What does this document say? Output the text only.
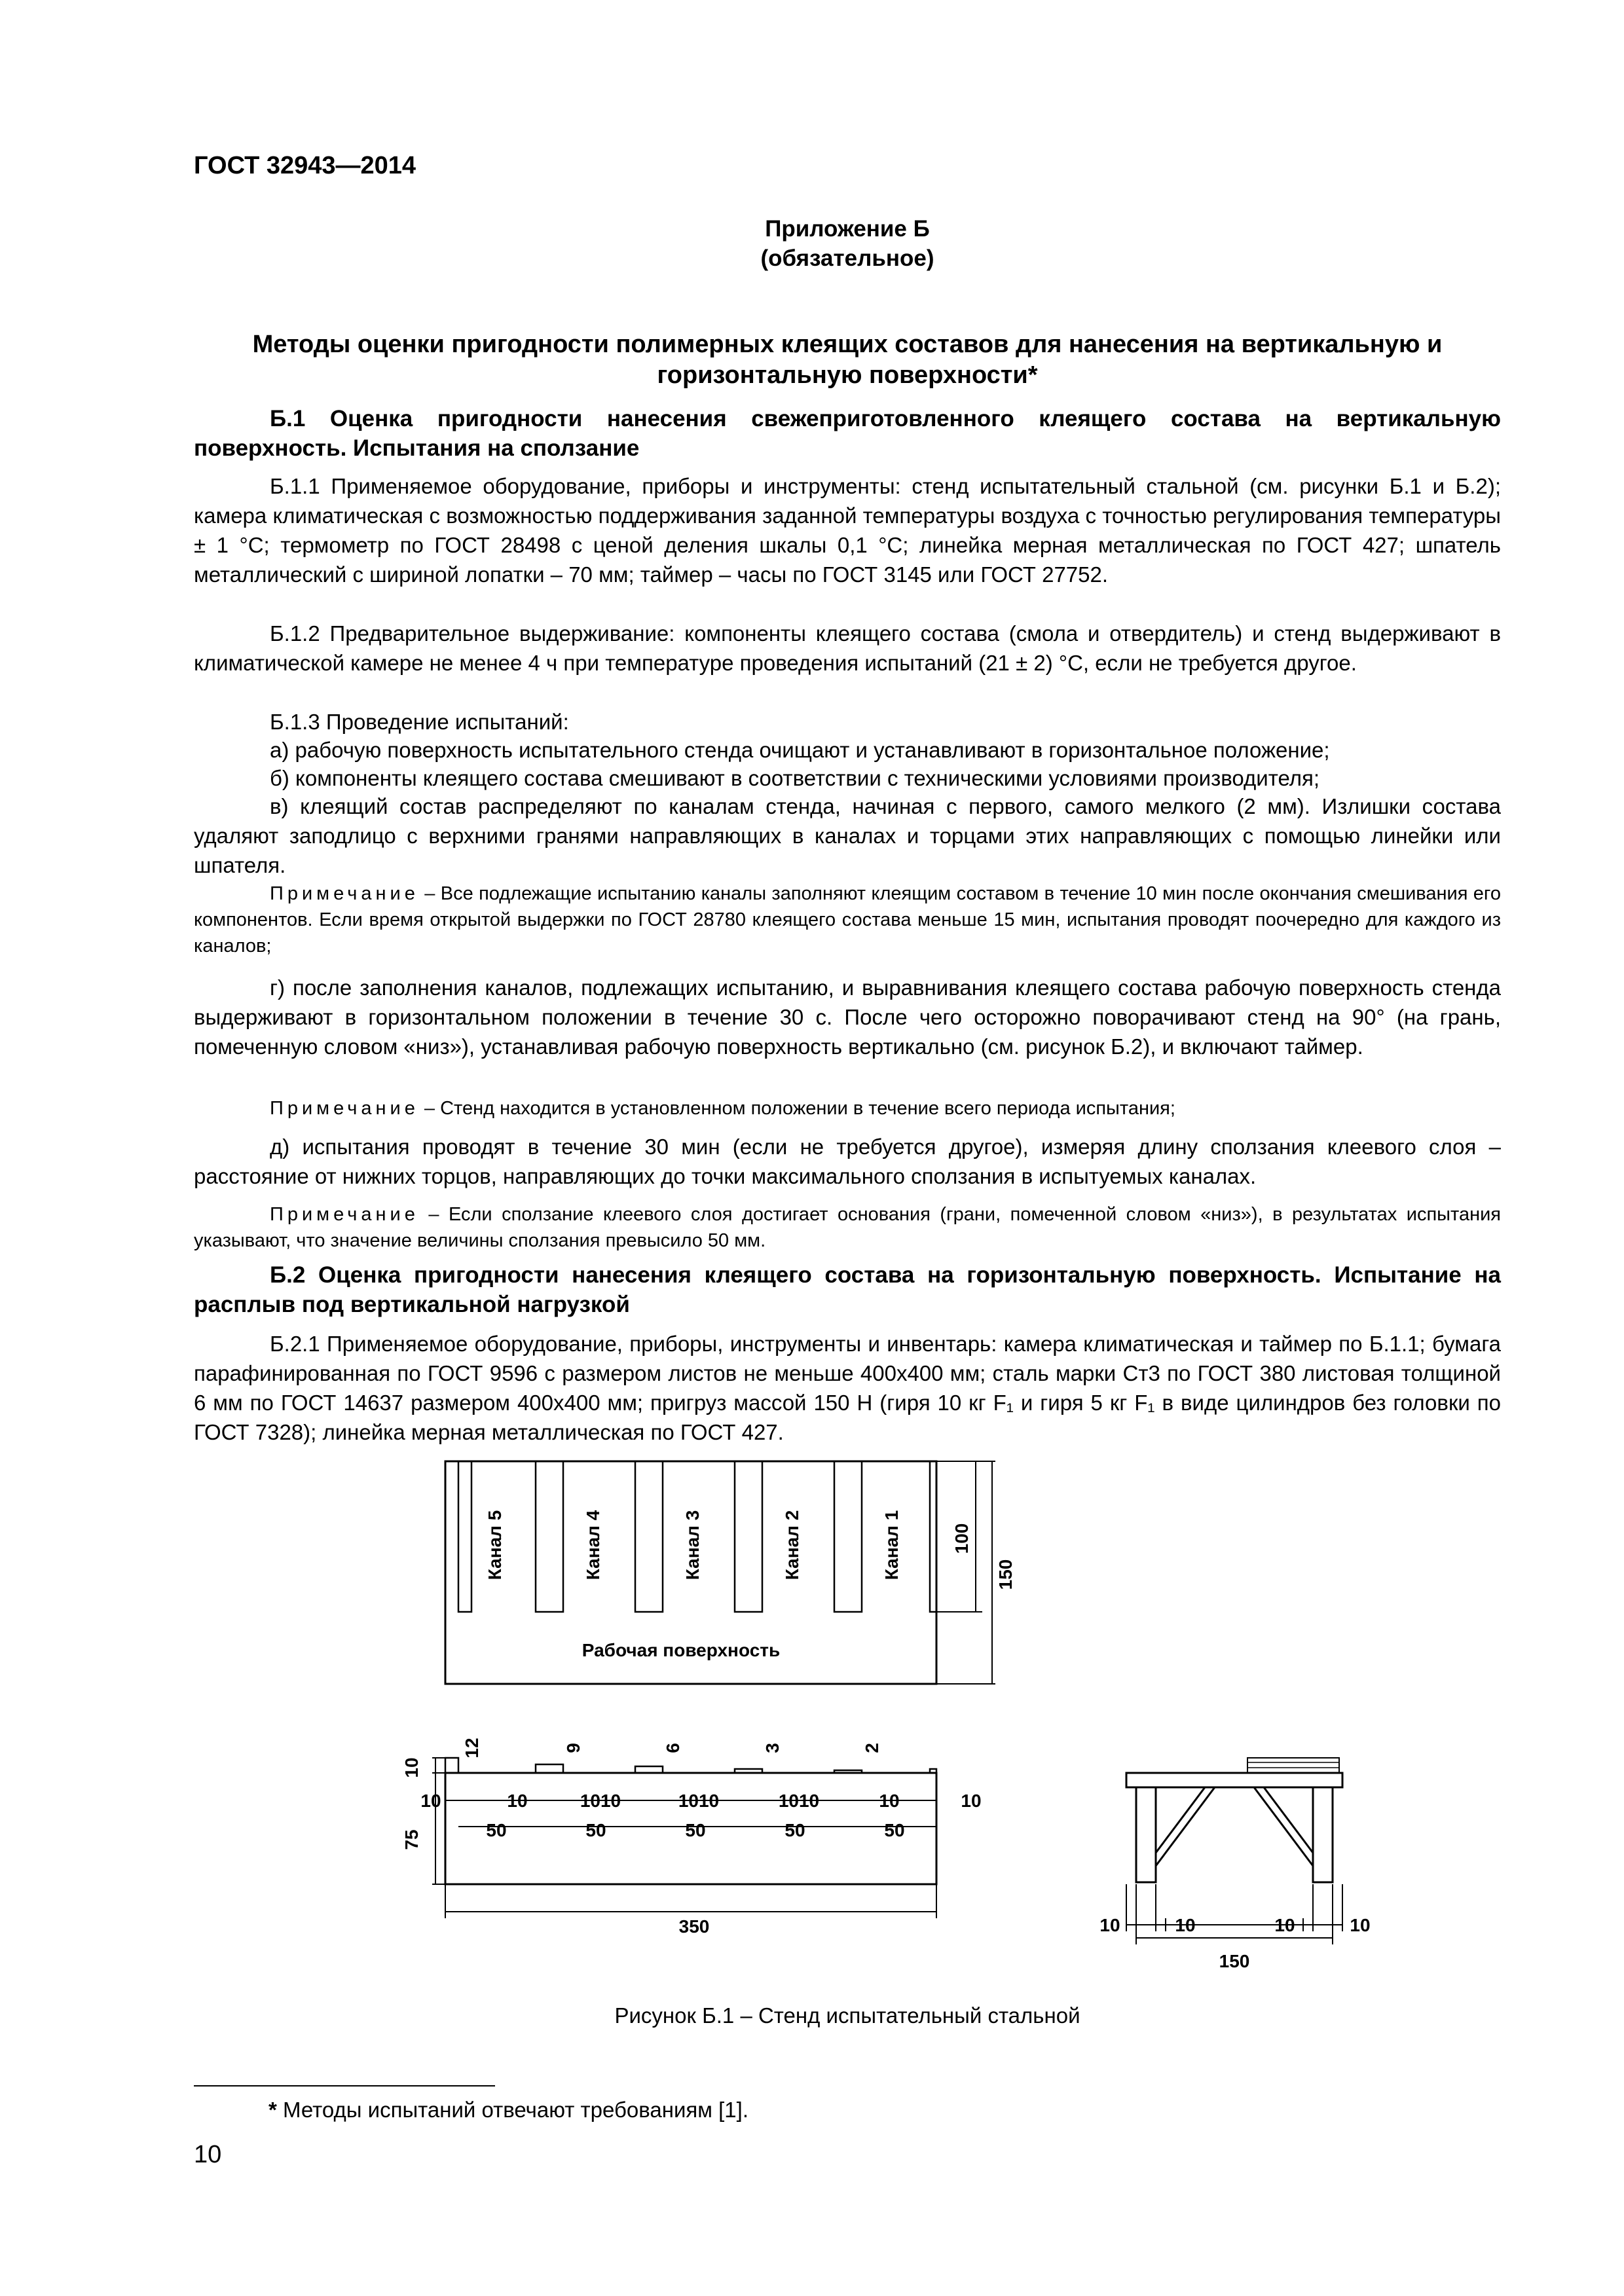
ГОСТ 32943—2014
Приложение Б
(обязательное)
Методы оценки пригодности полимерных клеящих составов для нанесения на вертикальную и
горизонтальную поверхности*

Б.1 Оценка пригодности нанесения свежеприготовленного клеящего состава на вертикальную поверхность. Испытания на сползание

Б.1.1 Применяемое оборудование, приборы и инструменты: стенд испытательный стальной (см. рисунки Б.1 и Б.2); камера климатическая с возможностью поддерживания заданной температуры воздуха с точностью регулирования температуры ± 1 °С; термометр по ГОСТ 28498 с ценой деления шкалы 0,1 °С; линейка мерная металлическая по ГОСТ 427; шпатель металлический с шириной лопатки – 70 мм; таймер – часы по ГОСТ 3145 или ГОСТ 27752.

Б.1.2 Предварительное выдерживание: компоненты клеящего состава (смола и отвердитель) и стенд выдерживают в климатической камере не менее 4 ч при температуре проведения испытаний (21 ± 2) °С, если не требуется другое.

Б.1.3 Проведение испытаний:

а) рабочую поверхность испытательного стенда очищают и устанавливают в горизонтальное положение;

б) компоненты клеящего состава смешивают в соответствии с техническими условиями производителя;

в) клеящий состав распределяют по каналам стенда, начиная с первого, самого мелкого (2 мм). Излишки состава удаляют заподлицо с верхними гранями направляющих в каналах и торцами этих направляющих с помощью линейки или шпателя.

Примечание – Все подлежащие испытанию каналы заполняют клеящим составом в течение 10 мин после окончания смешивания его компонентов. Если время открытой выдержки по ГОСТ 28780 клеящего состава меньше 15 мин, испытания проводят поочередно для каждого из каналов;

г) после заполнения каналов, подлежащих испытанию, и выравнивания клеящего состава рабочую поверхность стенда выдерживают в горизонтальном положении в течение 30 с. После чего осторожно поворачивают стенд на 90° (на грань, помеченную словом «низ»), устанавливая рабочую поверхность вертикально (см. рисунок Б.2), и включают таймер.

Примечание – Стенд находится в установленном положении в течение всего периода испытания;

д) испытания проводят в течение 30 мин (если не требуется другое), измеряя длину сползания клеевого слоя – расстояние от нижних торцов, направляющих до точки максимального сползания в испытуемых каналах.

Примечание – Если сползание клеевого слоя достигает основания (грани, помеченной словом «низ»), в результатах испытания указывают, что значение величины сползания превысило 50 мм.

Б.2 Оценка пригодности нанесения клеящего состава на горизонтальную поверхность. Испытание на расплыв под вертикальной нагрузкой

Б.2.1 Применяемое оборудование, приборы, инструменты и инвентарь: камера климатическая и таймер по Б.1.1; бумага парафинированная по ГОСТ 9596 с размером листов не меньше 400х400 мм; сталь марки Ст3 по ГОСТ 380 листовая толщиной 6 мм по ГОСТ 14637 размером 400х400 мм; пригруз массой 150 Н (гиря 10 кг F₁ и гиря 5 кг F₁ в виде цилиндров без головки по ГОСТ 7328); линейка мерная металлическая по ГОСТ 427.

Канал 5	Канал 4	Канал 3	Канал 2	Канал 1
Рабочая поверхность
100
150
10
75
12	9	6	3	2
10	10	1010	1010	1010	10	10
50	50	50	50	50
350	10	10	10	10
150
Рисунок Б.1 – Стенд испытательный стальной
* Методы испытаний отвечают требованиям [1].
10
